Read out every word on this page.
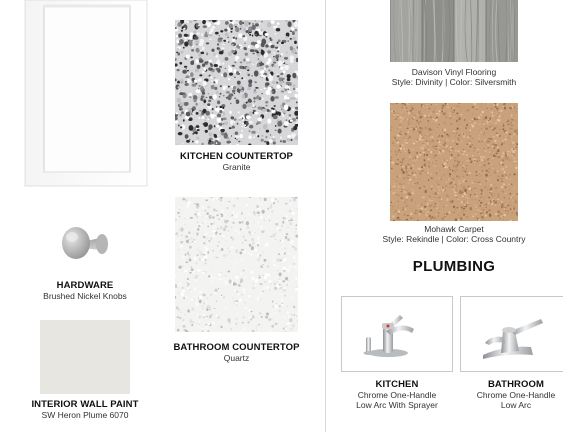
KITCHEN COUNTERTOP
Granite
HARDWARE
Brushed Nickel Knobs
INTERIOR WALL PAINT
SW Heron Plume 6070
BATHROOM COUNTERTOP
Quartz
Davison Vinyl Flooring
Style: Divinity | Color: Silversmith
Mohawk Carpet
Style: Rekindle | Color: Cross Country
PLUMBING
KITCHEN
Chrome One-Handle
Low Arc With Sprayer
BATHROOM
Chrome One-Handle
Low Arc
